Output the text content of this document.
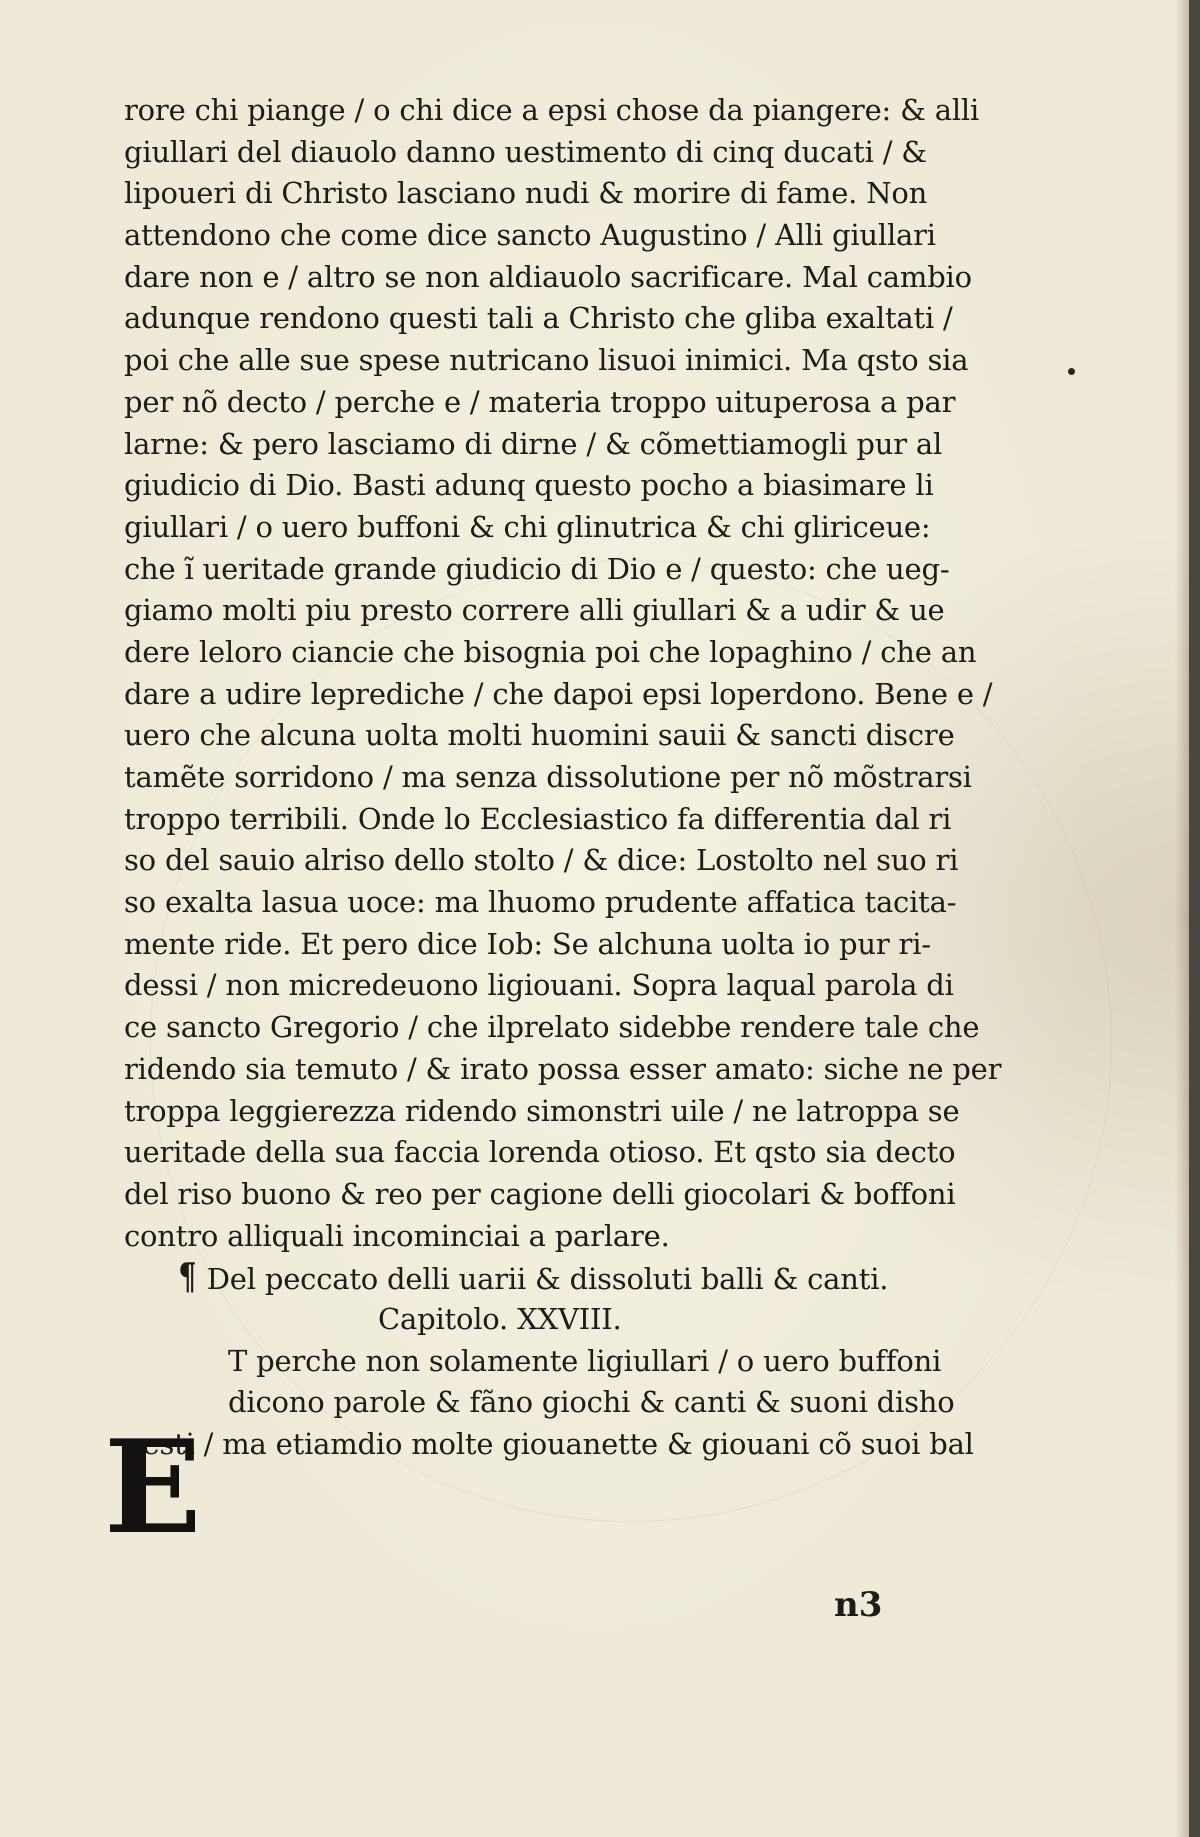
rore chi piange / o chi dice a epsi chose da piangere: & alli
giullari del diauolo danno uestimento di cinq ducati / &
lipoueri di Christo lasciano nudi & morire di fame. Non
attendono che come dice sancto Augustino / Alli giullari
dare non e / altro se non aldiauolo sacrificare. Mal cambio
adunque rendono questi tali a Christo che gliba exaltati /
poi che alle sue spese nutricano lisuoi inimici. Ma qsto sia
per nõ decto / perche e / materia troppo uituperosa a par
larne: & pero lasciamo di dirne / & cõmettiamogli pur al
giudicio di Dio. Basti adunq questo pocho a biasimare li
giullari / o uero buffoni & chi glinutrica & chi gliriceue:
che ĩ ueritade grande giudicio di Dio e / questo: che ueg-
giamo molti piu presto correre alli giullari & a udir & ue
dere leloro ciancie che bisognia poi che lopaghino / che an
dare a udire leprediche / che dapoi epsi loperdono. Bene e /
uero che alcuna uolta molti huomini sauii & sancti discre
tamẽte sorridono / ma senza dissolutione per nõ mõstrarsi
troppo terribili. Onde lo Ecclesiastico fa differentia dal ri
so del sauio alriso dello stolto / & dice: Lostolto nel suo ri
so exalta lasua uoce: ma lhuomo prudente affatica tacita-
mente ride. Et pero dice Iob: Se alchuna uolta io pur ri-
dessi / non micredeuono ligiouani. Sopra laqual parola di
ce sancto Gregorio / che ilprelato sidebbe rendere tale che
ridendo sia temuto / & irato possa esser amato: siche ne per
troppa leggierezza ridendo simonstri uile / ne latroppa se
ueritade della sua faccia lorenda otioso. Et qsto sia decto
del riso buono & reo per cagione delli giocolari & boffoni
contro alliquali incominciai a parlare.
¶ Del peccato delli uarii & dissoluti balli & canti.
Capitolo. XXVIII.
T perche non solamente ligiullari / o uero buffoni
dicono parole & fãno giochi & canti & suoni disho
nesti / ma etiamdio molte giouanette & giouani cõ suoi bal
E
n3
